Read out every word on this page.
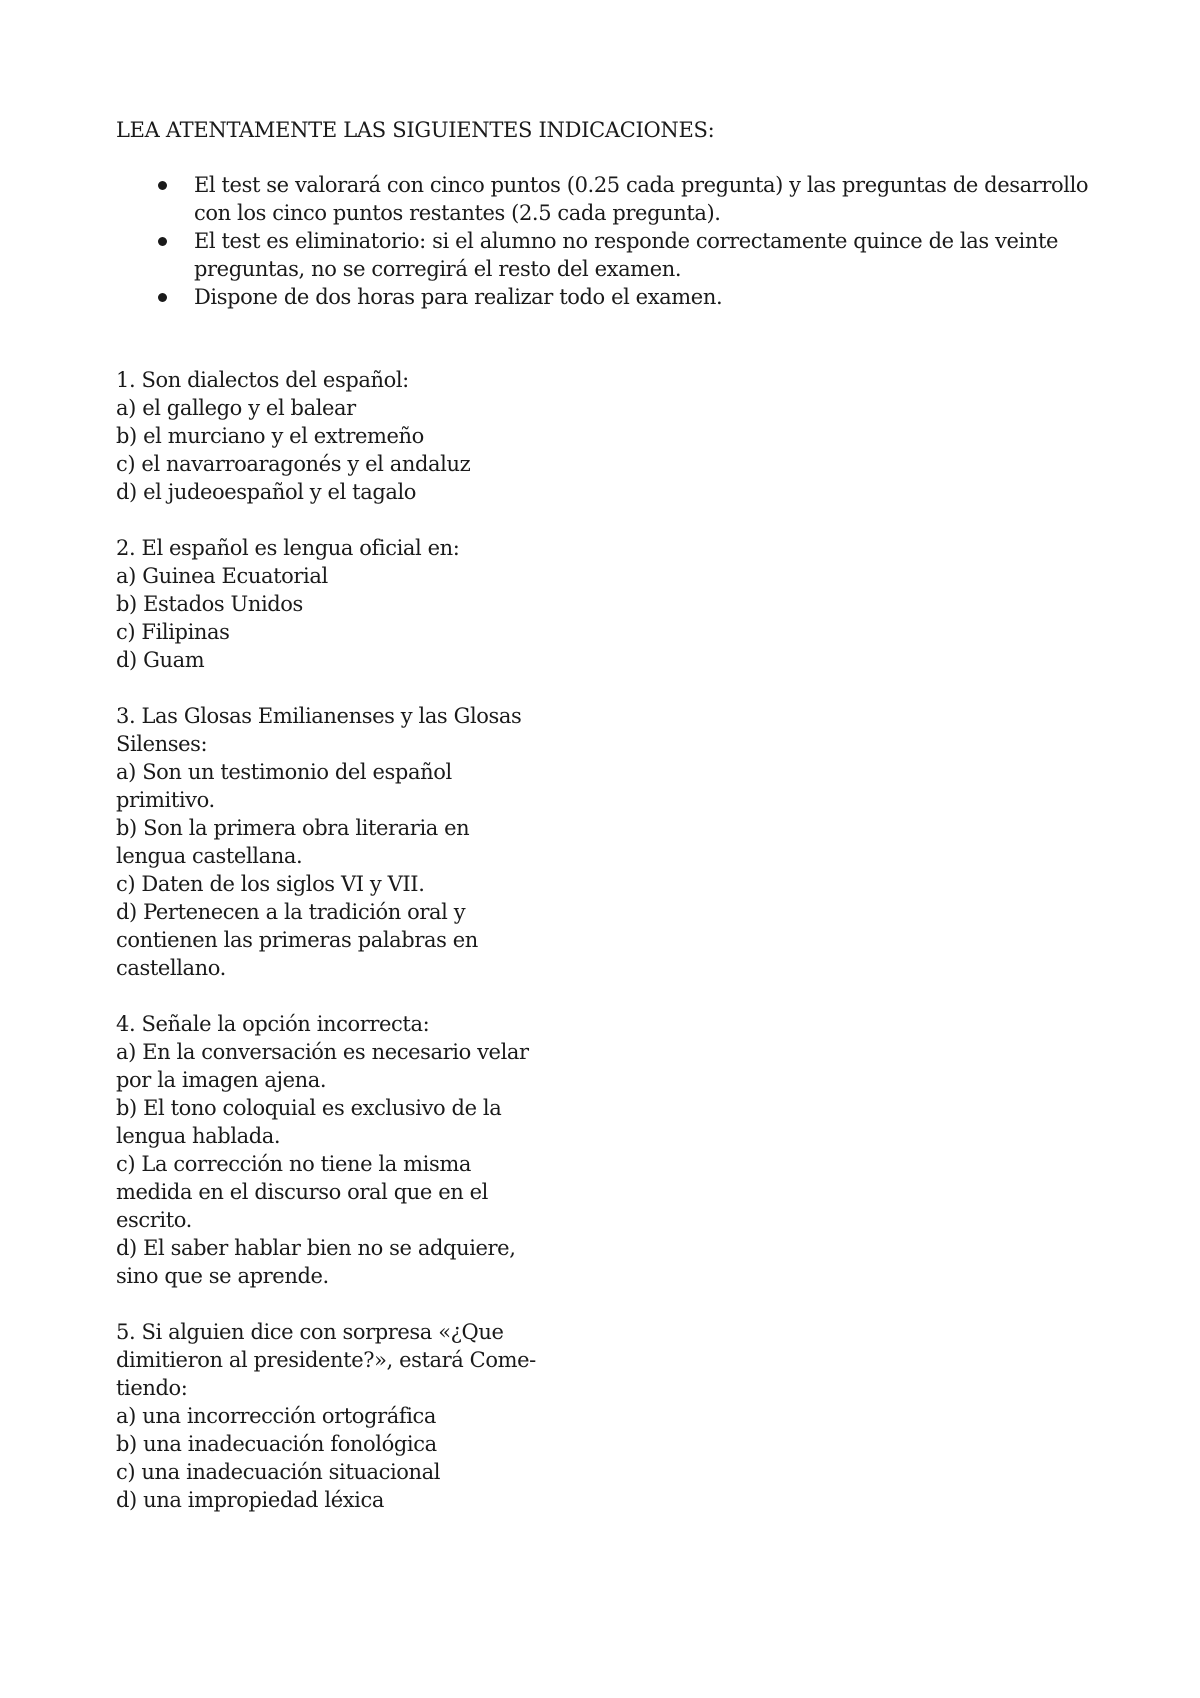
LEA ATENTAMENTE LAS SIGUIENTES INDICACIONES:
El test se valorará con cinco puntos (0.25 cada pregunta) y las preguntas de desarrollo con los cinco puntos restantes (2.5 cada pregunta).
El test es eliminatorio: si el alumno no responde correctamente quince de las veinte preguntas, no se corregirá el resto del examen.
Dispone de dos horas para realizar todo el examen.
1. Son dialectos del español:
a) el gallego y el balear
b) el murciano y el extremeño
c) el navarroaragonés y el andaluz
d) el judeoespañol y el tagalo
2. El español es lengua oficial en:
a) Guinea Ecuatorial
b) Estados Unidos
c) Filipinas
d) Guam
3. Las Glosas Emilianenses y las Glosas Silenses:
a) Son un testimonio del español primitivo.
b) Son la primera obra literaria en lengua castellana.
c) Daten de los siglos VI y VII.
d) Pertenecen a la tradición oral y contienen las primeras palabras en castellano.
4. Señale la opción incorrecta:
a) En la conversación es necesario velar por la imagen ajena.
b) El tono coloquial es exclusivo de la lengua hablada.
c) La corrección no tiene la misma medida en el discurso oral que en el escrito.
d) El saber hablar bien no se adquiere, sino que se aprende.
5. Si alguien dice con sorpresa «¿Que dimitieron al presidente?», estará Come-tiendo:
a) una incorrección ortográfica
b) una inadecuación fonológica
c) una inadecuación situacional
d) una impropiedad léxica
